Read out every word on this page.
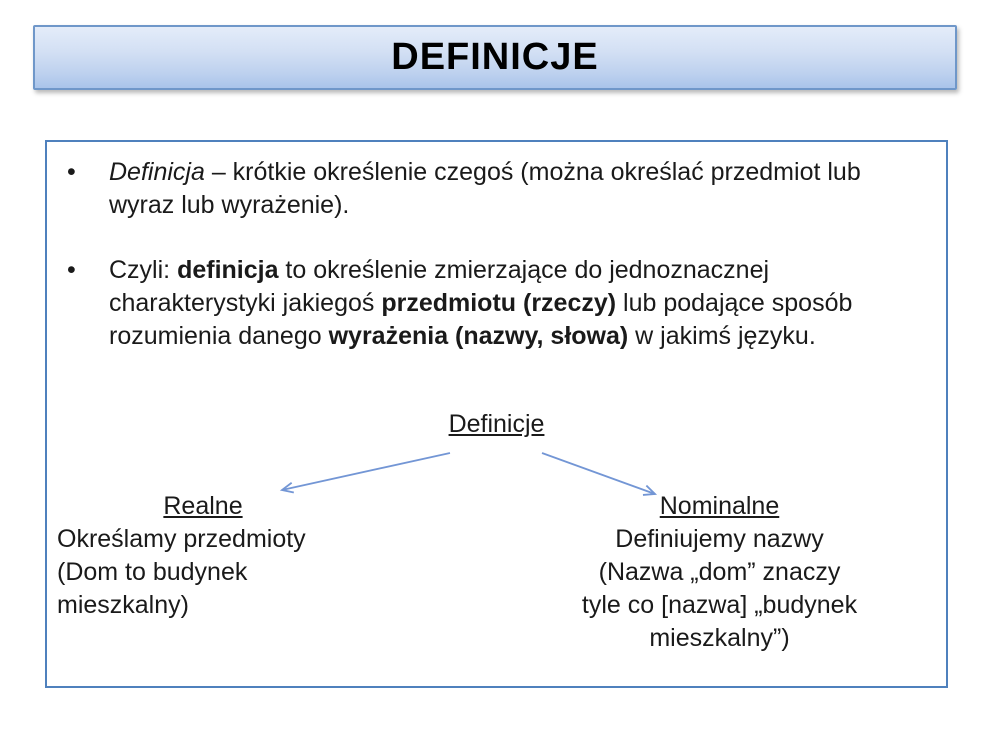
DEFINICJE
•	Definicja – krótkie określenie czegoś (można określać przedmiot lub
wyraz lub wyrażenie).
•	Czyli: definicja to określenie zmierzające do jednoznacznej
charakterystyki jakiegoś przedmiotu (rzeczy) lub podające sposób
rozumienia danego wyrażenia (nazwy, słowa) w jakimś języku.
Definicje
Realne
Określamy przedmioty
(Dom to budynek mieszkalny)
Nominalne
Definiujemy nazwy
(Nazwa „dom” znaczy
tyle co [nazwa] „budynek
mieszkalny”)
